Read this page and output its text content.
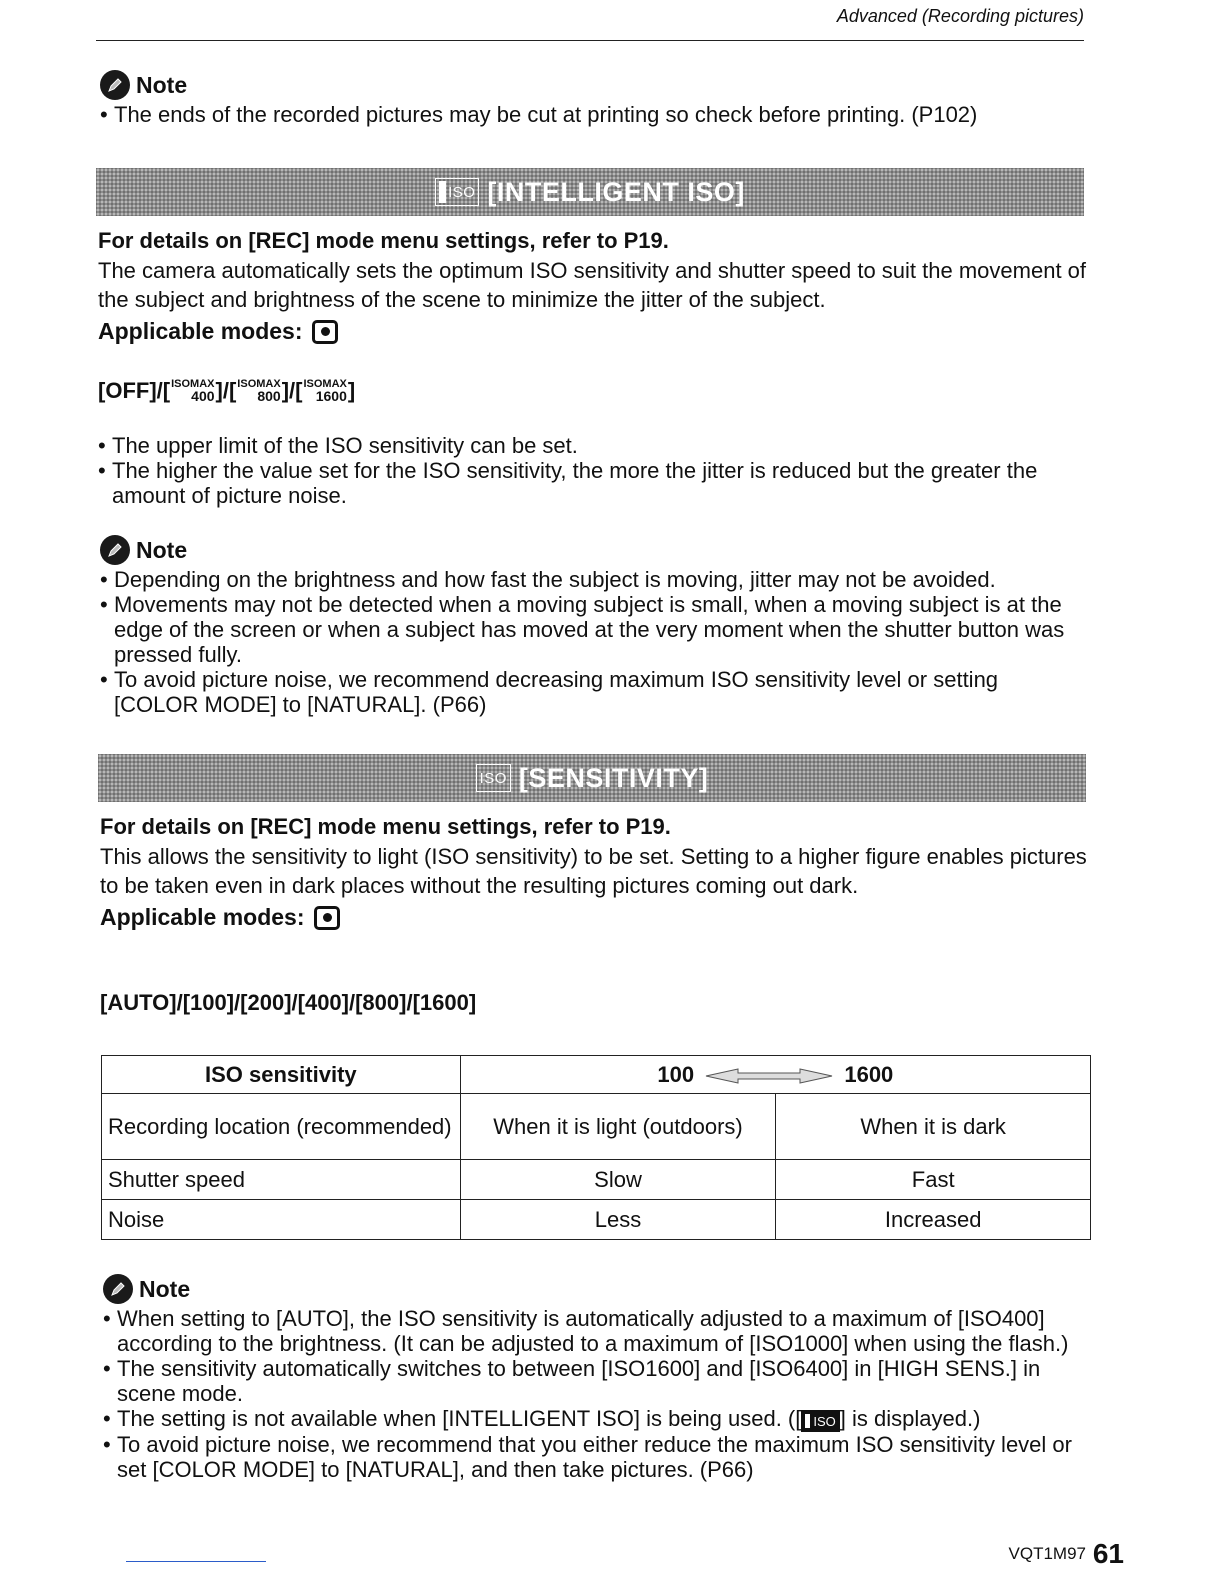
Advanced (Recording pictures)
Note
• The ends of the recorded pictures may be cut at printing so check before printing. (P102)
ISO [INTELLIGENT ISO]
For details on [REC] mode menu settings, refer to P19.
The camera automatically sets the optimum ISO sensitivity and shutter speed to suit the movement of the subject and brightness of the scene to minimize the jitter of the subject.
Applicable modes:
[OFF] / [ ISOMAX
400 ] / [ ISOMAX
800 ] / [ ISOMAX
1600 ]
• The upper limit of the ISO sensitivity can be set.
• The higher the value set for the ISO sensitivity, the more the jitter is reduced but the greater the amount of picture noise.
Note
• Depending on the brightness and how fast the subject is moving, jitter may not be avoided.
• Movements may not be detected when a moving subject is small, when a moving subject is at the edge of the screen or when a subject has moved at the very moment when the shutter button was pressed fully.
• To avoid picture noise, we recommend decreasing maximum ISO sensitivity level or setting [COLOR MODE] to [NATURAL]. (P66)
ISO [SENSITIVITY]
For details on [REC] mode menu settings, refer to P19.
This allows the sensitivity to light (ISO sensitivity) to be set. Setting to a higher figure enables pictures to be taken even in dark places without the resulting pictures coming out dark.
Applicable modes:
[AUTO]/[100]/[200]/[400]/[800]/[1600]
ISO sensitivity	100 1600	
Recording location (recommended)	When it is light (outdoors)	When it is dark
Shutter speed	Slow	Fast
Noise	Less	Increased
Note
• When setting to [AUTO], the ISO sensitivity is automatically adjusted to a maximum of [ISO400] according to the brightness. (It can be adjusted to a maximum of [ISO1000] when using the flash.)
• The sensitivity automatically switches to between [ISO1600] and [ISO6400] in [HIGH SENS.] in scene mode.
• The setting is not available when [INTELLIGENT ISO] is being used. ([ ISO ] is displayed.)
• To avoid picture noise, we recommend that you either reduce the maximum ISO sensitivity level or set [COLOR MODE] to [NATURAL], and then take pictures. (P66)
VQT1M97 61
